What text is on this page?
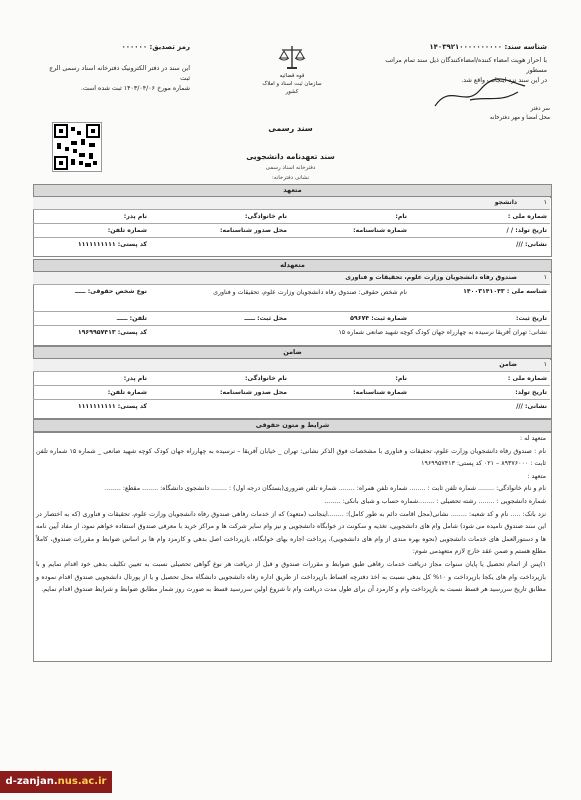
رمز تصدیق: ۰۰۰۰۰۰
این سند در دفتر الکترونیک دفترخانه اسناد رسمی الرج ثبت
شماره مورخ ۱۴۰۳/۰۴/۰۶ ثبت شده است.
قوه قضائیه
سازمان ثبت اسناد و املاک کشور
شناسه سند: ۱۴۰۳۹۲۱۰۰۰۰۰۰۰۰۰۰
با احراز هویت امضاء کننده/امضاءکنندگان ذیل سند تمام مراتب مسطور
در این سند نزد اینجانب واقع شد.
سر دفتر
محل امضا و مهر دفترخانه
سند رسمی
سند تعهدنامه دانشجویی
دفترخانه اسناد رسمی
نشانی دفترخانه:
متعهد
۱
دانشجو
شماره ملی :
نام:
نام خانوادگی:
نام پدر:
تاریخ تولد: / /
شماره شناسنامه:
محل صدور شناسنامه:
شماره تلفن:
نشانی: ///
کد پستی: ۱۱۱۱۱۱۱۱۱۱
متعهدله
۱
صندوق رفاه دانشجویان وزارت علوم، تحقیقات و فناوری
شناسه ملی : ۱۴۰۰۳۱۴۱۰۴۳
نام شخص حقوقی: صندوق رفاه دانشجویان وزارت علوم، تحقیقات و فناوری
نوع شخص حقوقی: ـــــ
تاریخ ثبت:
شماره ثبت: ۵۹۶۷۴
محل ثبت: ـــــ
تلفن: ـــــ
نشانی: تهران آفریقا نرسیده به چهارراه جهان کودک کوچه شهید صانعی شماره ۱۵
کد پستی: ۱۹۶۹۹۵۷۴۱۳
ضامن
۱
ضامن
شماره ملی :
نام:
نام خانوادگی:
نام پدر:
تاریخ تولد:
شماره شناسنامه:
محل صدور شناسنامه:
شماره تلفن:
نشانی: ///
کد پستی: ۱۱۱۱۱۱۱۱۱۱
شرایط و متون حقوقی

متعهد له :

نام : صندوق رفاه دانشجویان وزارت علوم، تحقیقات و فناوری با مشخصات فوق الذکر نشانی: تهران _ خیابان آفریقا – نرسیده به چهارراه جهان کودک کوچه شهید صانعی _ شماره ۱۵ شماره تلفن ثابت : ۸۹۳۷۶۰۰۰ – ۰۲۱ کد پستی: ۱۹۶۹۹۵۷۴۱۳

متعهد :

نام و نام خانوادگی: ........ شماره تلفن ثابت : ........ شماره تلفن همراه: ........ شماره تلفن ضروری(بستگان درجه اول) : ........ دانشجوی دانشگاه: ........ مقطع: ........

شماره دانشجویی : ........ رشته تحصیلی : ........شماره حساب و شبای بانکی: ........

نزد بانک: ..... نام و کد شعبه: ........ نشانی(محل اقامت دائم به طور کامل): ........اینجانب (متعهد) که از خدمات رفاهی صندوق رفاه دانشجویان وزارت علوم، تحقیقات و فناوری (که به اختصار در این سند صندوق نامیده می شود) شامل وام های دانشجویی، تغذیه و سکونت در خوابگاه دانشجویی و نیز وام سایر شرکت ها و مراکز خرید با معرفی صندوق استفاده خواهم نمود، از مفاد آیین نامه ها و دستورالعمل های خدمات دانشجویی (نحوه بهره مندی از وام های دانشجویی)، پرداخت اجاره بهای خوابگاه، بازپرداخت اصل بدهی و کارمزد وام ها بر اساس ضوابط و مقررات صندوق، کاملاً مطلع هستم و ضمن عقد خارج لازم متعهدمی شوم:

۱)پس از اتمام تحصیل یا پایان سنوات مجاز دریافت خدمات رفاهی طبق ضوابط و مقررات صندوق و قبل از دریافت هر نوع گواهی تحصیلی نسبت به تعیین تکلیف بدهی خود اقدام نمایم و با بازپرداخت وام های یکجا بازپرداخت و ۱۰% کل بدهی نسبت به اخذ دفترچه اقساط بازپرداخت از طریق اداره رفاه دانشجویی دانشگاه محل تحصیل و یا از پورتال دانشجویی صندوق اقدام نموده و مطابق تاریخ سررسید هر قسط نسبت به بازپرداخت وام و کارمزد آن برای طول مدت دریافت وام تا شروع اولین سررسید قسط به صورت روز شمار مطابق ضوابط و شرایط صندوق اقدام نمایم.

d-zanjan.nus.ac.ir
